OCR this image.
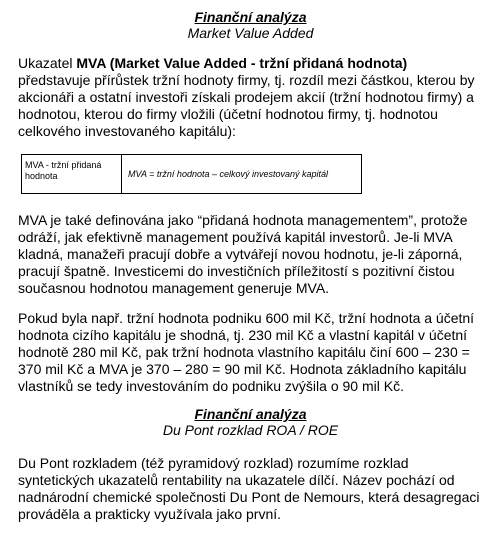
Finanční analýza
Market Value Added

Ukazatel MVA (Market Value Added - tržní přidaná hodnota) představuje přírůstek tržní hodnoty firmy, tj. rozdíl mezi částkou, kterou by akcionáři a ostatní investoři získali prodejem akcií (tržní hodnotou firmy) a hodnotou, kterou do firmy vložili (účetní hodnotou firmy, tj. hodnotou celkového investovaného kapitálu):

MVA - tržní přidaná hodnota	MVA = tržní hodnota – celkový investovaný kapitál

MVA je také definována jako “přidaná hodnota managementem”, protože odráží, jak efektivně management používá kapitál investorů. Je-li MVA kladná, manažeři pracují dobře a vytvářejí novou hodnotu, je-li záporná, pracují špatně. Investicemi do investičních příležitostí s pozitivní čistou současnou hodnotou management generuje MVA.

Pokud byla např. tržní hodnota podniku 600 mil Kč, tržní hodnota a účetní hodnota cizího kapitálu je shodná, tj. 230 mil Kč a vlastní kapitál v účetní hodnotě 280 mil Kč, pak tržní hodnota vlastního kapitálu činí 600 – 230 = 370 mil Kč a MVA je 370 – 280 = 90 mil Kč. Hodnota základního kapitálu vlastníků se tedy investováním do podniku zvýšila o 90 mil Kč.

Finanční analýza
Du Pont rozklad ROA / ROE

Du Pont rozkladem (též pyramidový rozklad) rozumíme rozklad syntetických ukazatelů rentability na ukazatele dílčí. Název pochází od nadnárodní chemické společnosti Du Pont de Nemours, která desagregaci prováděla a prakticky využívala jako první.
